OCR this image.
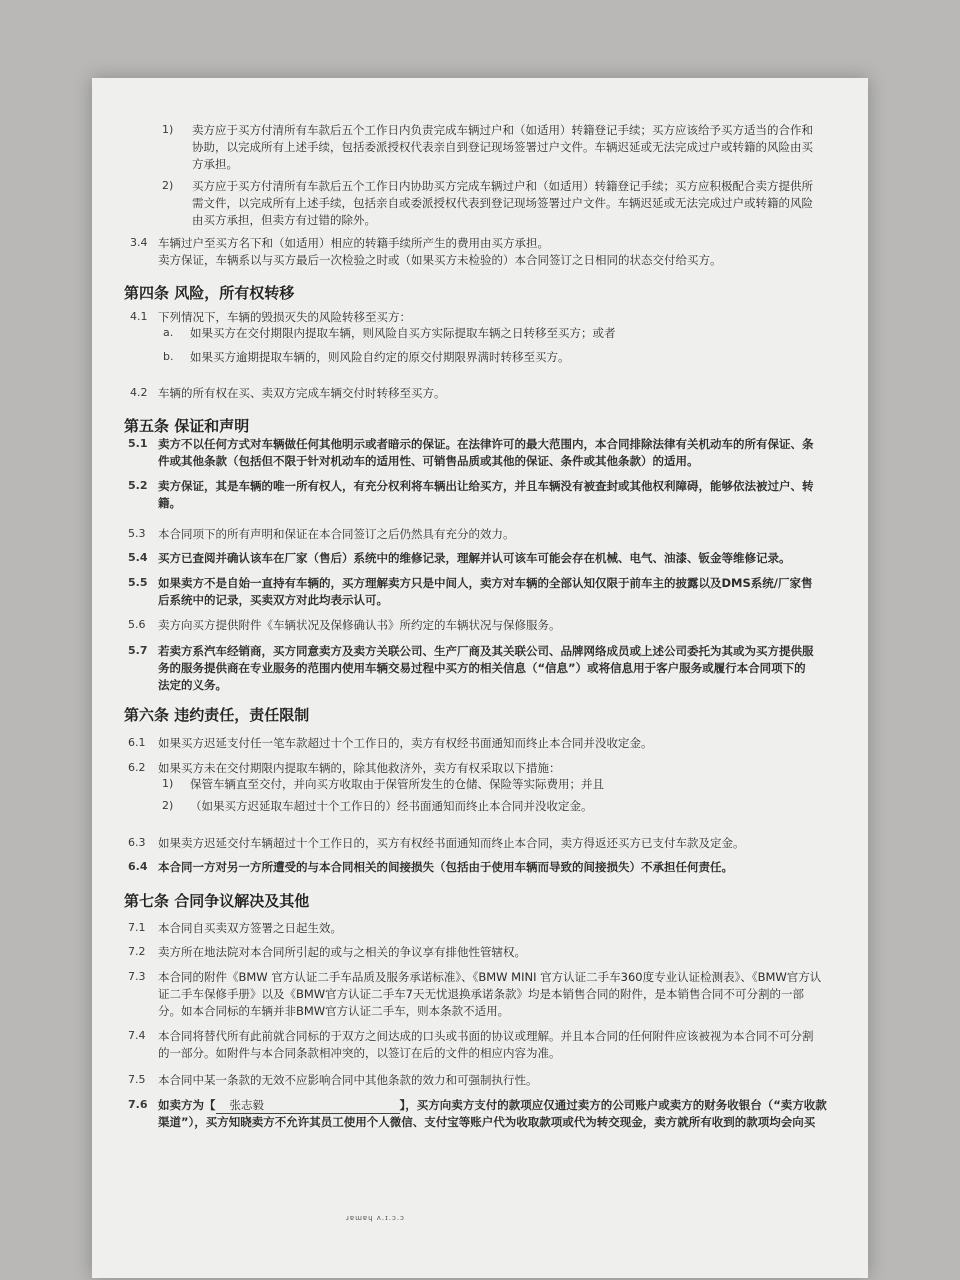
1) 卖方应于买方付清所有车款后五个工作日内负责完成车辆过户和（如适用）转籍登记手续；买方应该给予买方适当的合作和
协助，以完成所有上述手续，包括委派授权代表亲自到登记现场签署过户文件。车辆迟延或无法完成过户或转籍的风险由买
方承担。
2) 买方应于买方付清所有车款后五个工作日内协助买方完成车辆过户和（如适用）转籍登记手续；买方应积极配合卖方提供所
需文件，以完成所有上述手续，包括亲自或委派授权代表到登记现场签署过户文件。车辆迟延或无法完成过户或转籍的风险
由买方承担，但卖方有过错的除外。
3.4 车辆过户至买方名下和（如适用）相应的转籍手续所产生的费用由买方承担。
卖方保证，车辆系以与买方最后一次检验之时或（如果买方未检验的）本合同签订之日相同的状态交付给买方。
第四条 风险，所有权转移
4.1 下列情况下，车辆的毁损灭失的风险转移至买方：
a. 如果买方在交付期限内提取车辆，则风险自买方实际提取车辆之日转移至买方；或者
b. 如果买方逾期提取车辆的，则风险自约定的原交付期限界满时转移至买方。
4.2 车辆的所有权在买、卖双方完成车辆交付时转移至买方。
第五条 保证和声明
5.1 卖方不以任何方式对车辆做任何其他明示或者暗示的保证。在法律许可的最大范围内，本合同排除法律有关机动车的所有保证、条
件或其他条款（包括但不限于针对机动车的适用性、可销售品质或其他的保证、条件或其他条款）的适用。
5.2 卖方保证，其是车辆的唯一所有权人，有充分权利将车辆出让给买方，并且车辆没有被查封或其他权利障碍，能够依法被过户、转
籍。
5.3 本合同项下的所有声明和保证在本合同签订之后仍然具有充分的效力。
5.4 买方已查阅并确认该车在厂家（售后）系统中的维修记录，理解并认可该车可能会存在机械、电气、油漆、钣金等维修记录。
5.5 如果卖方不是自始一直持有车辆的，买方理解卖方只是中间人，卖方对车辆的全部认知仅限于前车主的披露以及DMS系统/厂家售
后系统中的记录，买卖双方对此均表示认可。
5.6 卖方向买方提供附件《车辆状况及保修确认书》所约定的车辆状况与保修服务。
5.7 若卖方系汽车经销商，买方同意卖方及卖方关联公司、生产厂商及其关联公司、品牌网络成员或上述公司委托为其或为买方提供服
务的服务提供商在专业服务的范围内使用车辆交易过程中买方的相关信息（“信息”）或将信息用于客户服务或履行本合同项下的
法定的义务。
第六条 违约责任，责任限制
6.1 如果买方迟延支付任一笔车款超过十个工作日的，卖方有权经书面通知而终止本合同并没收定金。
6.2 如果买方未在交付期限内提取车辆的，除其他救济外，卖方有权采取以下措施：
1) 保管车辆直至交付，并向买方收取由于保管所发生的仓储、保险等实际费用；并且
2) （如果买方迟延取车超过十个工作日的）经书面通知而终止本合同并没收定金。
6.3 如果卖方迟延交付车辆超过十个工作日的，买方有权经书面通知而终止本合同，卖方得返还买方已支付车款及定金。
6.4 本合同一方对另一方所遭受的与本合同相关的间接损失（包括由于使用车辆而导致的间接损失）不承担任何责任。
第七条 合同争议解决及其他
7.1 本合同自买卖双方签署之日起生效。
7.2 卖方所在地法院对本合同所引起的或与之相关的争议享有排他性管辖权。
7.3 本合同的附件《BMW 官方认证二手车品质及服务承诺标准》、《BMW MINI 官方认证二手车360度专业认证检测表》、《BMW官方认
证二手车保修手册》以及《BMW官方认证二手车7天无忧退换承诺条款》均是本销售合同的附件，是本销售合同不可分割的一部
分。如本合同标的车辆并非BMW官方认证二手车，则本条款不适用。
7.4 本合同将替代所有此前就合同标的于双方之间达成的口头或书面的协议或理解。并且本合同的任何附件应该被视为本合同不可分割
的一部分。如附件与本合同条款相冲突的，以签订在后的文件的相应内容为准。
7.5 本合同中某一条款的无效不应影响合同中其他条款的效力和可强制执行性。
7.6 如卖方为【 张志毅	】，买方向卖方支付的款项应仅通过卖方的公司账户或卖方的财务收银台（“卖方收款
渠道”），买方知晓卖方不允许其员工使用个人微信、支付宝等账户代为收取款项或代为转交现金，卖方就所有收到的款项均会向买
ɹɐɯɐɥ ᴧ.ɪ.ɔ.ɔ
